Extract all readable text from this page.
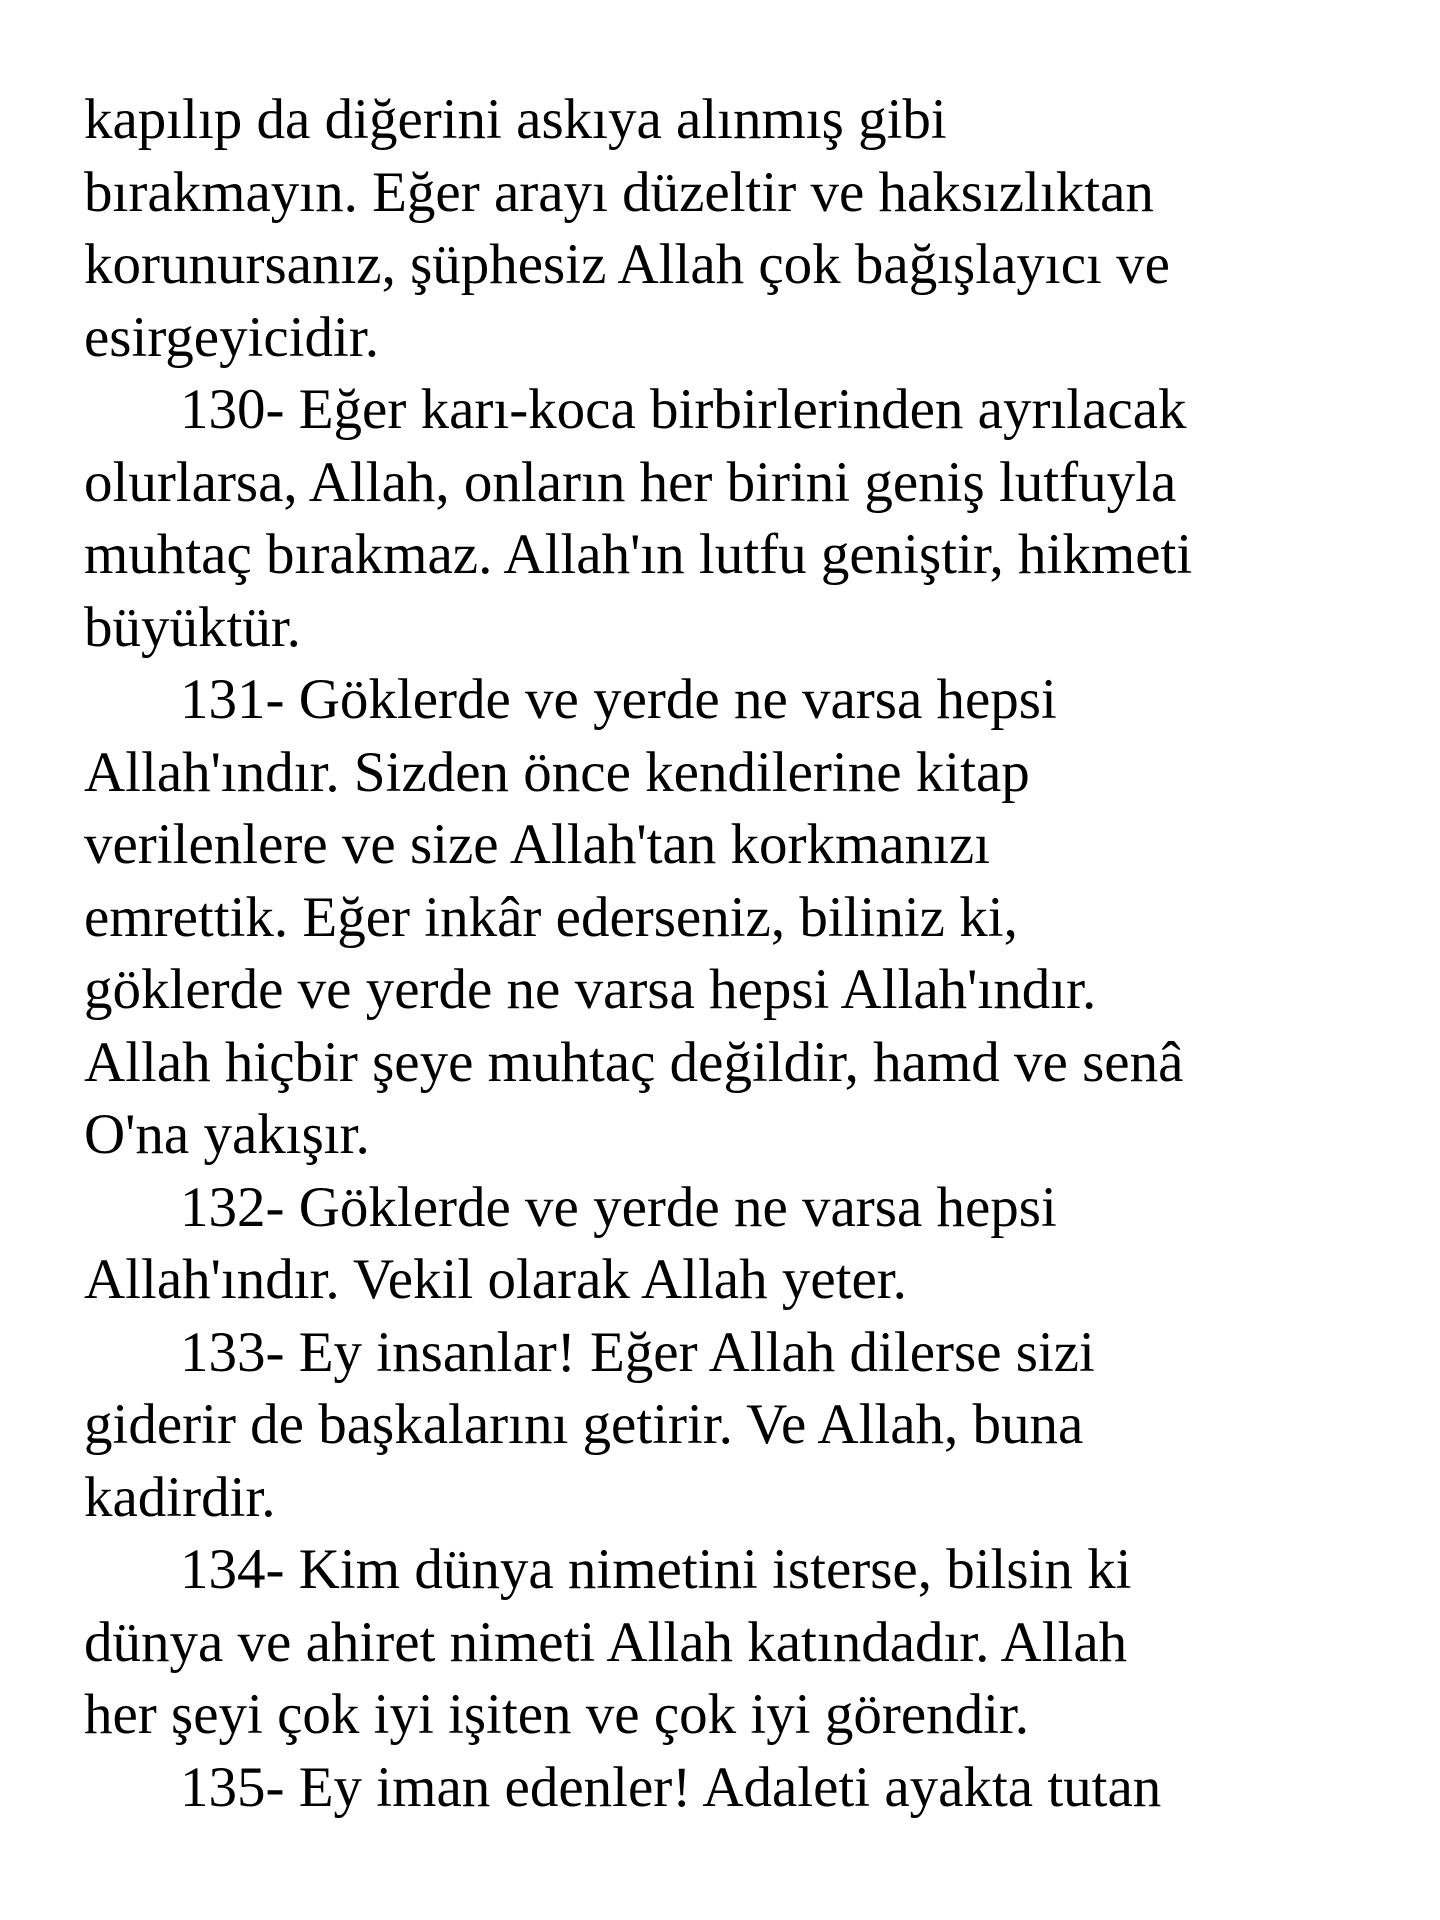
kapılıp da diğerini askıya alınmış gibi
bırakmayın. Eğer arayı düzeltir ve haksızlıktan
korunursanız, şüphesiz Allah çok bağışlayıcı ve
esirgeyicidir.
130- Eğer karı-koca birbirlerinden ayrılacak
olurlarsa, Allah, onların her birini geniş lutfuyla
muhtaç bırakmaz. Allah'ın lutfu geniştir, hikmeti
büyüktür.
131- Göklerde ve yerde ne varsa hepsi
Allah'ındır. Sizden önce kendilerine kitap
verilenlere ve size Allah'tan korkmanızı
emrettik. Eğer inkâr ederseniz, biliniz ki,
göklerde ve yerde ne varsa hepsi Allah'ındır.
Allah hiçbir şeye muhtaç değildir, hamd ve senâ
O'na yakışır.
132- Göklerde ve yerde ne varsa hepsi
Allah'ındır. Vekil olarak Allah yeter.
133- Ey insanlar! Eğer Allah dilerse sizi
giderir de başkalarını getirir. Ve Allah, buna
kadirdir.
134- Kim dünya nimetini isterse, bilsin ki
dünya ve ahiret nimeti Allah katındadır. Allah
her şeyi çok iyi işiten ve çok iyi görendir.
135- Ey iman edenler! Adaleti ayakta tutan
